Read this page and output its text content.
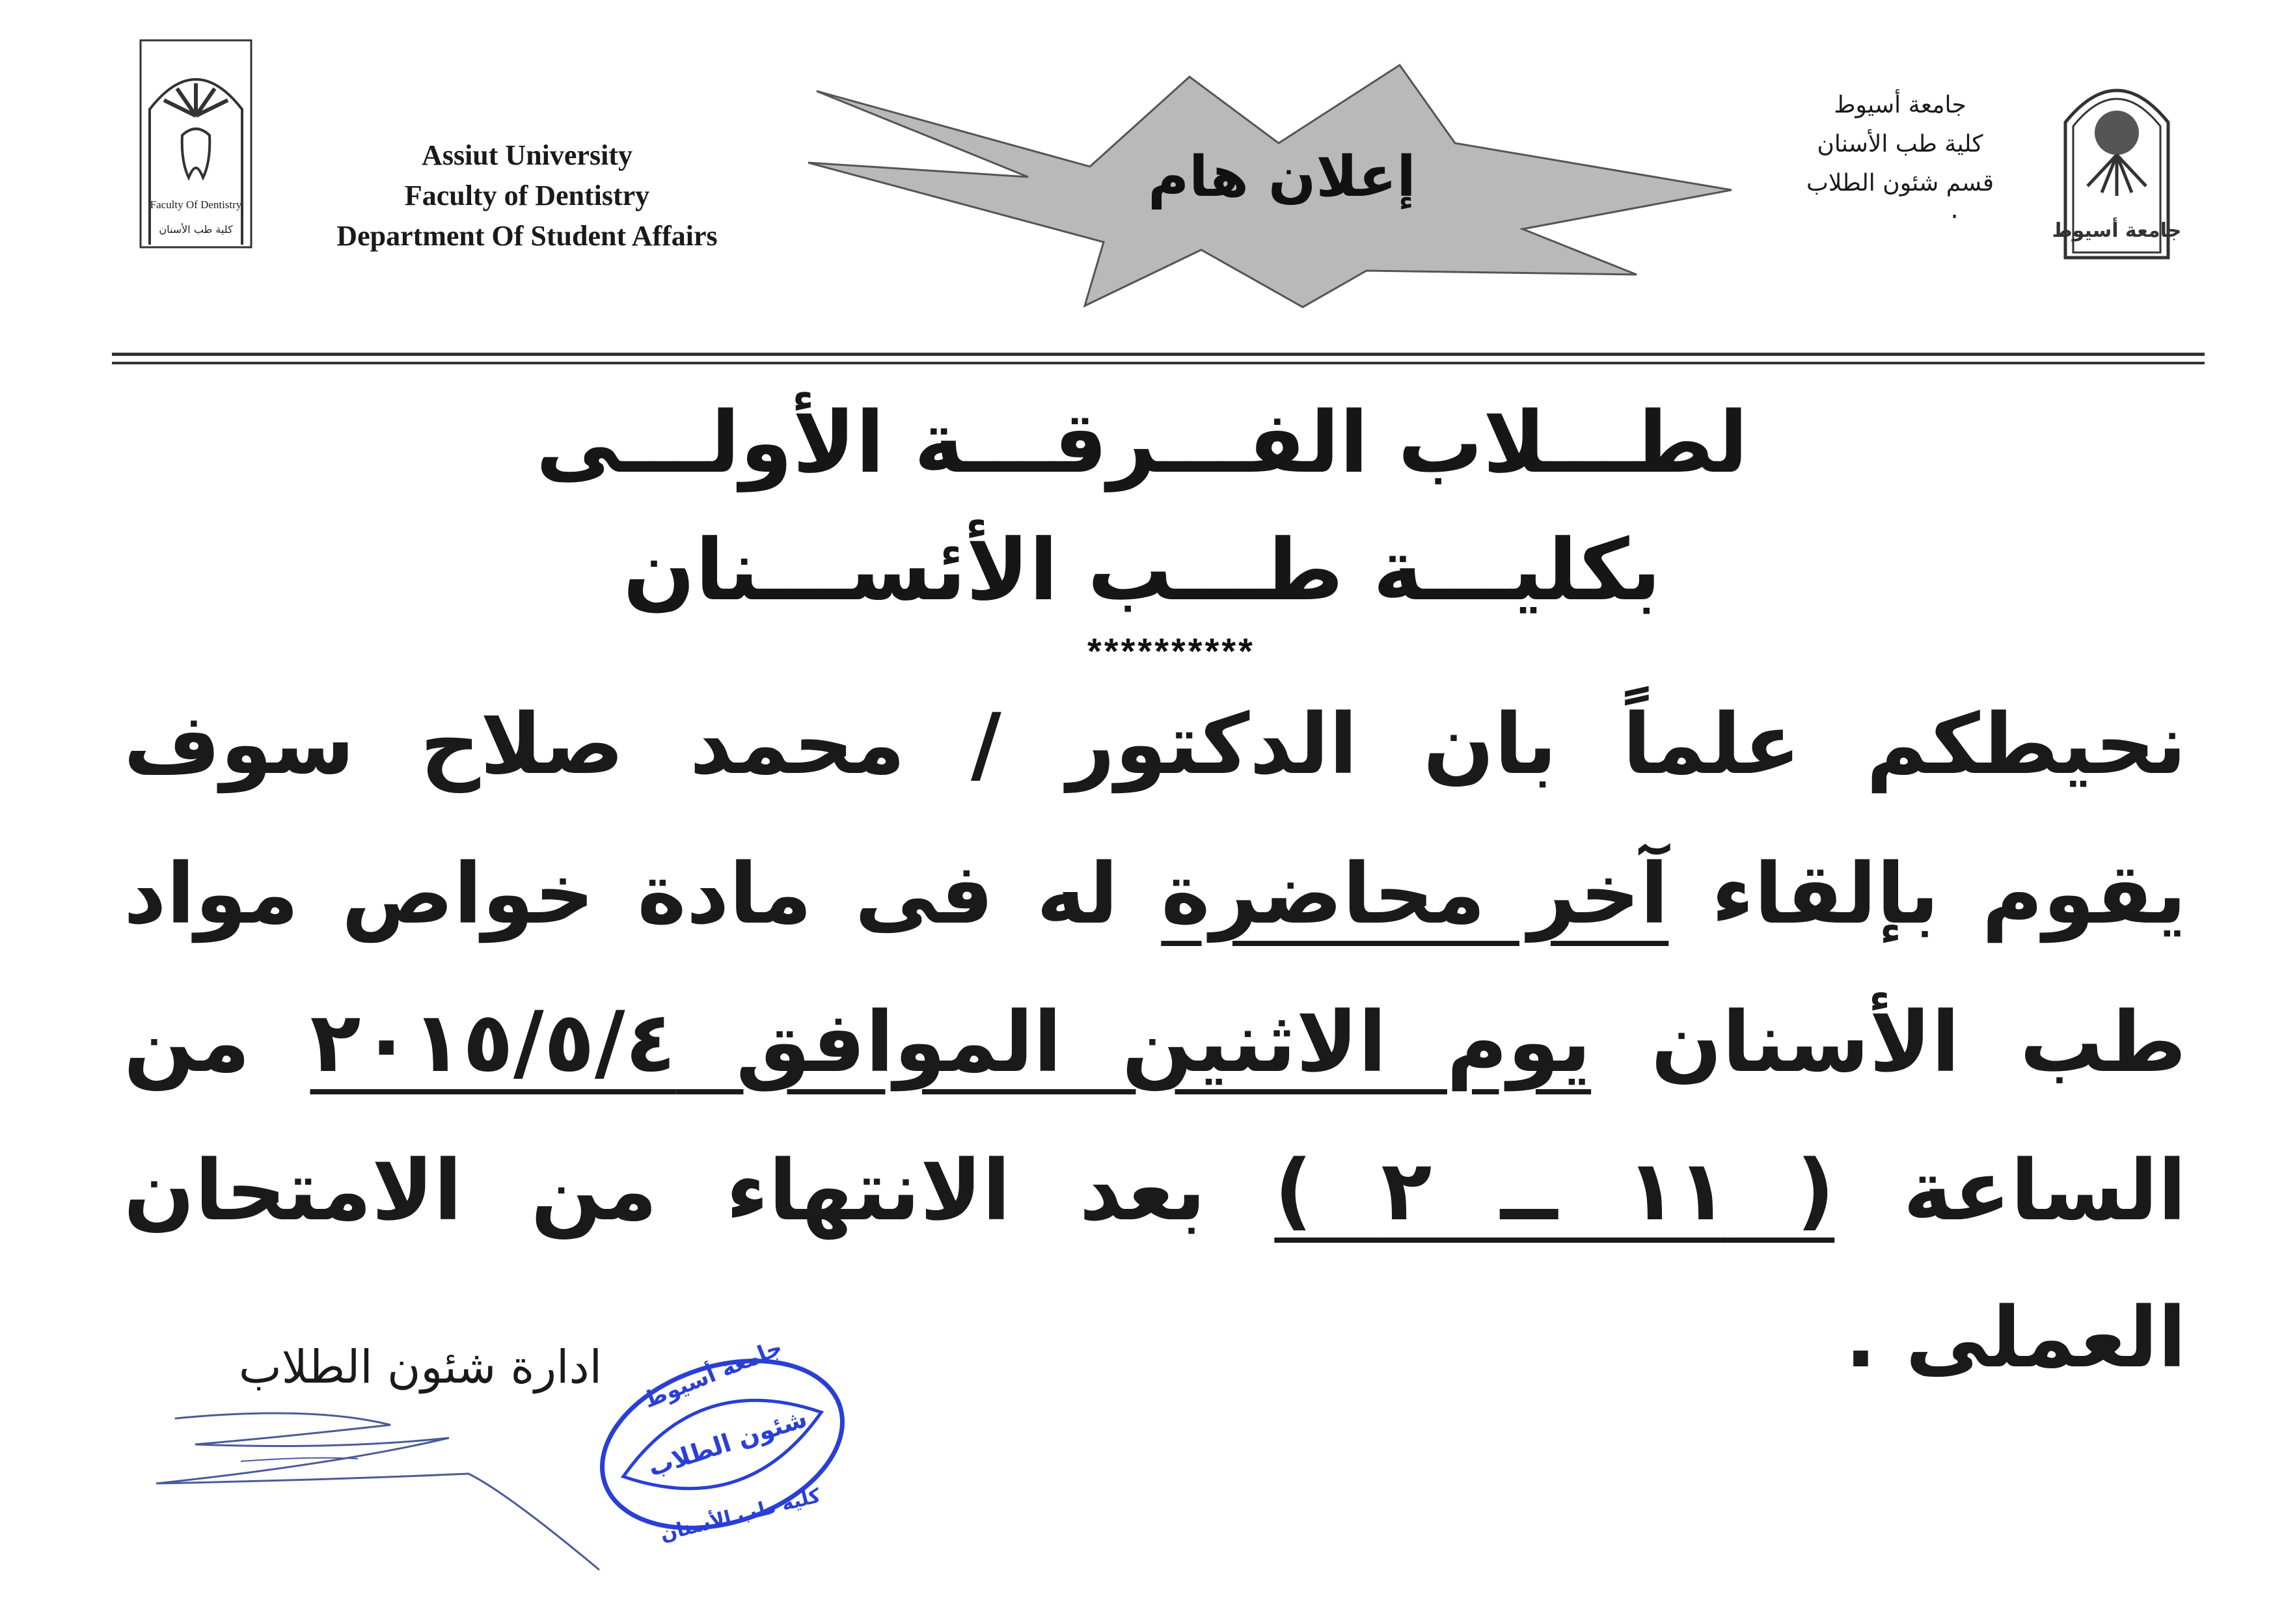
Faculty Of Dentistry
كلية طب الأسنان
Assiut University
Faculty of Dentistry
Department Of Student Affairs
إعلان هام
جامعة أسيوط
كلية طب الأسنان
قسم شئون الطلاب
.
جامعة أسيوط
لطـــلاب الفـــرقـــة الأولـــى
بكليـــة طـــب الأئســـنان
**********
نحيطكم علماً بان الدكتور / محمد صلاح سوف
يقوم بإلقاء آخر محاضرة له فى مادة خواص مواد
طب الأسنان يوم الاثنين الموافق ٢٠١٥/٥/٤ من
الساعة ( ١١ ــ ٢ ) بعد الانتهاء من الامتحان
العملى .
ادارة شئون الطلاب	جامعة أسيوط
شئون الطلاب
كلية طب الأسنان
